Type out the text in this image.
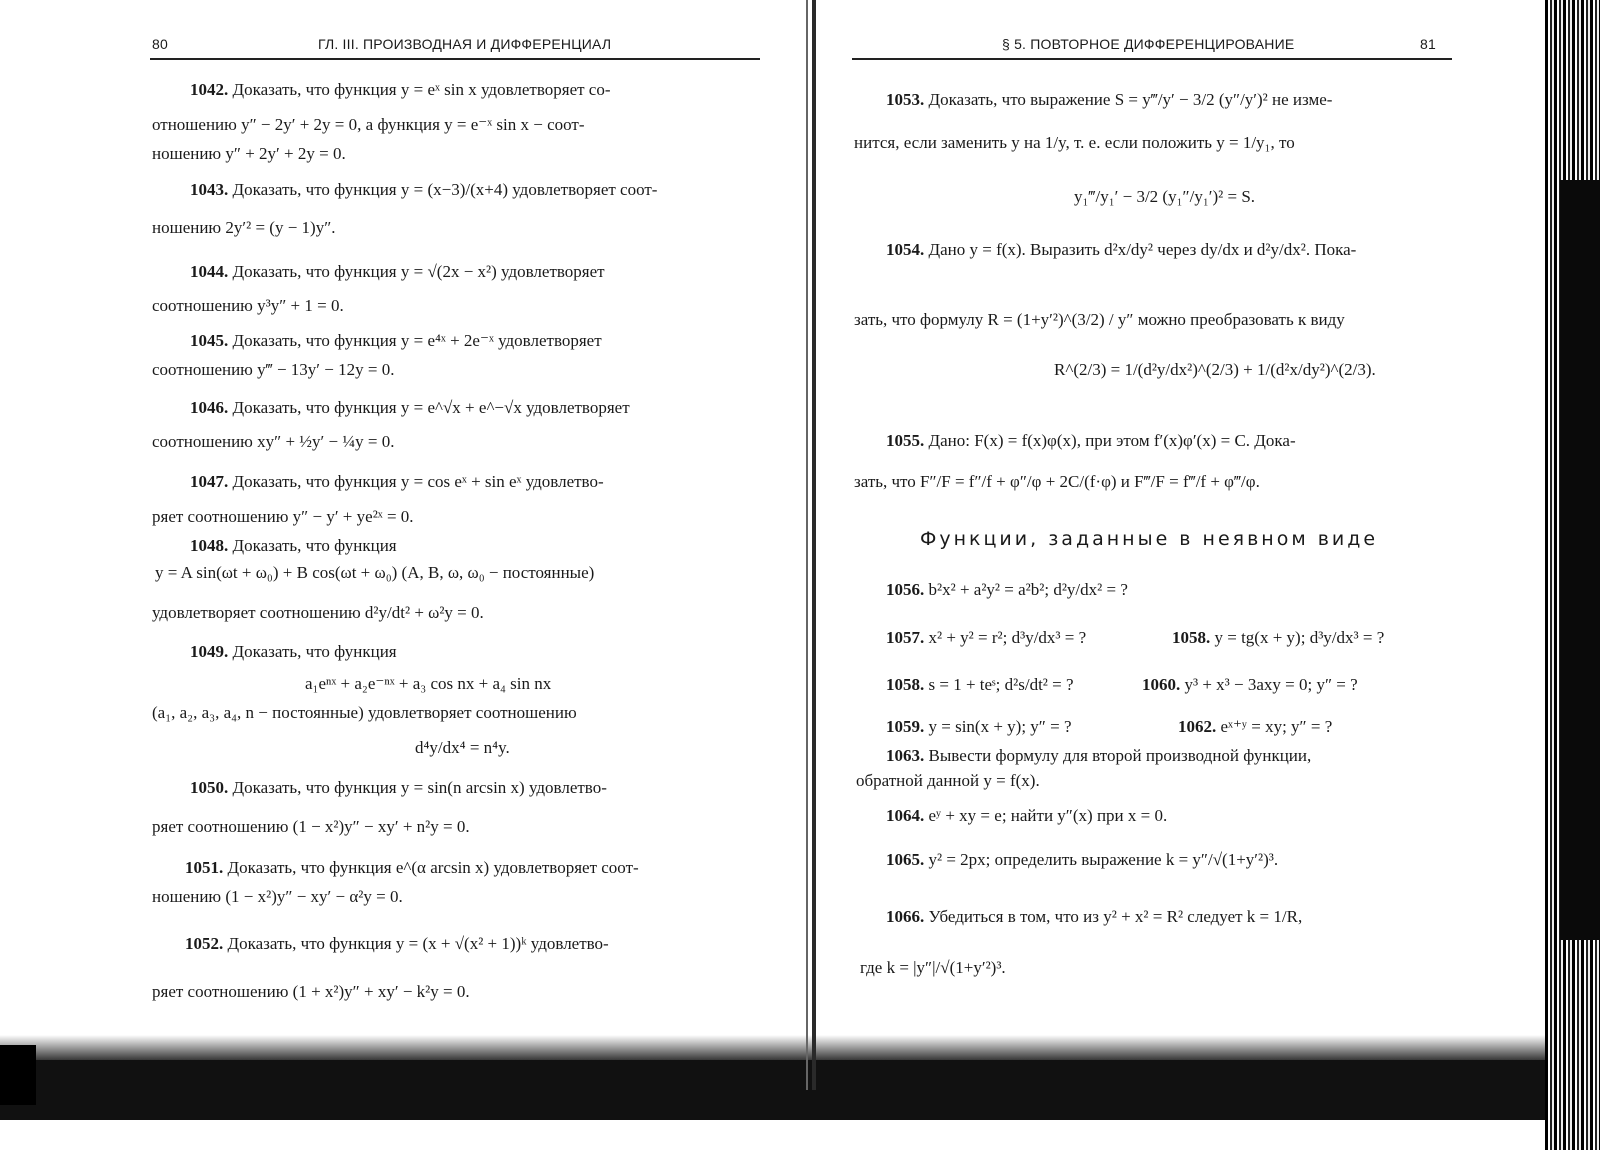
80	ГЛ. III. ПРОИЗВОДНАЯ И ДИФФЕРЕНЦИАЛ
1042. Доказать, что функция y = eˣ sin x удовлетворяет со-
отношению y″ − 2y′ + 2y = 0, а функция y = e⁻ˣ sin x − соот-
ношению y″ + 2y′ + 2y = 0.
1043. Доказать, что функция y = (x−3)/(x+4) удовлетворяет соот-
ношению 2y′² = (y − 1)y″.
1044. Доказать, что функция y = √(2x − x²) удовлетворяет
соотношению y³y″ + 1 = 0.
1045. Доказать, что функция y = e⁴ˣ + 2e⁻ˣ удовлетворяет
соотношению y‴ − 13y′ − 12y = 0.
1046. Доказать, что функция y = e^√x + e^−√x удовлетворяет
соотношению xy″ + ½y′ − ¼y = 0.
1047. Доказать, что функция y = cos eˣ + sin eˣ удовлетво-
ряет соотношению y″ − y′ + ye²ˣ = 0.
1048. Доказать, что функция
y = A sin(ωt + ω₀) + B cos(ωt + ω₀) (A, B, ω, ω₀ − постоянные)
удовлетворяет соотношению d²y/dt² + ω²y = 0.
1049. Доказать, что функция
a₁eⁿˣ + a₂e⁻ⁿˣ + a₃ cos nx + a₄ sin nx
(a₁, a₂, a₃, a₄, n − постоянные) удовлетворяет соотношению
d⁴y/dx⁴ = n⁴y.
1050. Доказать, что функция y = sin(n arcsin x) удовлетво-
ряет соотношению (1 − x²)y″ − xy′ + n²y = 0.
1051. Доказать, что функция e^(α arcsin x) удовлетворяет соот-
ношению (1 − x²)y″ − xy′ − α²y = 0.
1052. Доказать, что функция y = (x + √(x² + 1))ᵏ удовлетво-
ряет соотношению (1 + x²)y″ + xy′ − k²y = 0.
§ 5. ПОВТОРНОЕ ДИФФЕРЕНЦИРОВАНИЕ	81
1053. Доказать, что выражение S = y‴/y′ − 3/2 (y″/y′)² не изме-
нится, если заменить y на 1/y, т. е. если положить y = 1/y₁, то
y₁‴/y₁′ − 3/2 (y₁″/y₁′)² = S.
1054. Дано y = f(x). Выразить d²x/dy² через dy/dx и d²y/dx². Пока-
зать, что формулу R = (1+y′²)^(3/2) / y″ можно преобразовать к виду
R^(2/3) = 1/(d²y/dx²)^(2/3) + 1/(d²x/dy²)^(2/3).
1055. Дано: F(x) = f(x)φ(x), при этом f′(x)φ′(x) = C. Дока-
зать, что F″/F = f″/f + φ″/φ + 2C/(f·φ) и F‴/F = f‴/f + φ‴/φ.
Функции, заданные в неявном виде
1056. b²x² + a²y² = a²b²; d²y/dx² = ?
1057. x² + y² = r²; d³y/dx³ = ?	1058. y = tg(x + y); d³y/dx³ = ?
1058. s = 1 + teˢ; d²s/dt² = ?	1060. y³ + x³ − 3axy = 0; y″ = ?
1059. y = sin(x + y); y″ = ?	1062. eˣ⁺ʸ = xy; y″ = ?
1063. Вывести формулу для второй производной функции,
обратной данной y = f(x).
1064. eʸ + xy = e; найти y″(x) при x = 0.
1065. y² = 2px; определить выражение k = y″/√(1+y′²)³.
1066. Убедиться в том, что из y² + x² = R² следует k = 1/R,
где k = |y″|/√(1+y′²)³.
